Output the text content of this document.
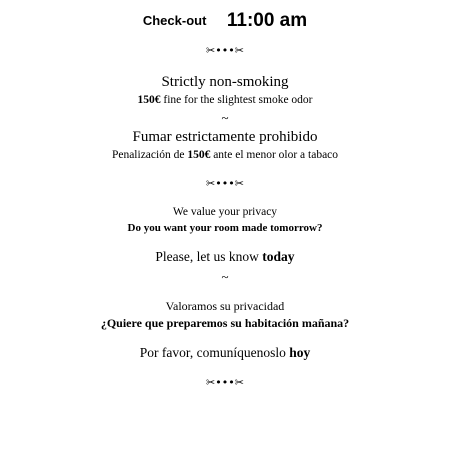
Check-out 11:00 am
✂•••✂
Strictly non-smoking
150€ fine for the slightest smoke odor
~
Fumar estrictamente prohibido
Penalización de 150€ ante el menor olor a tabaco
✂•••✂
We value your privacy
Do you want your room made tomorrow?
Please, let us know today
~
Valoramos su privacidad
¿Quiere que preparemos su habitación mañana?
Por favor, comuníquenoslo hoy
✂•••✂
